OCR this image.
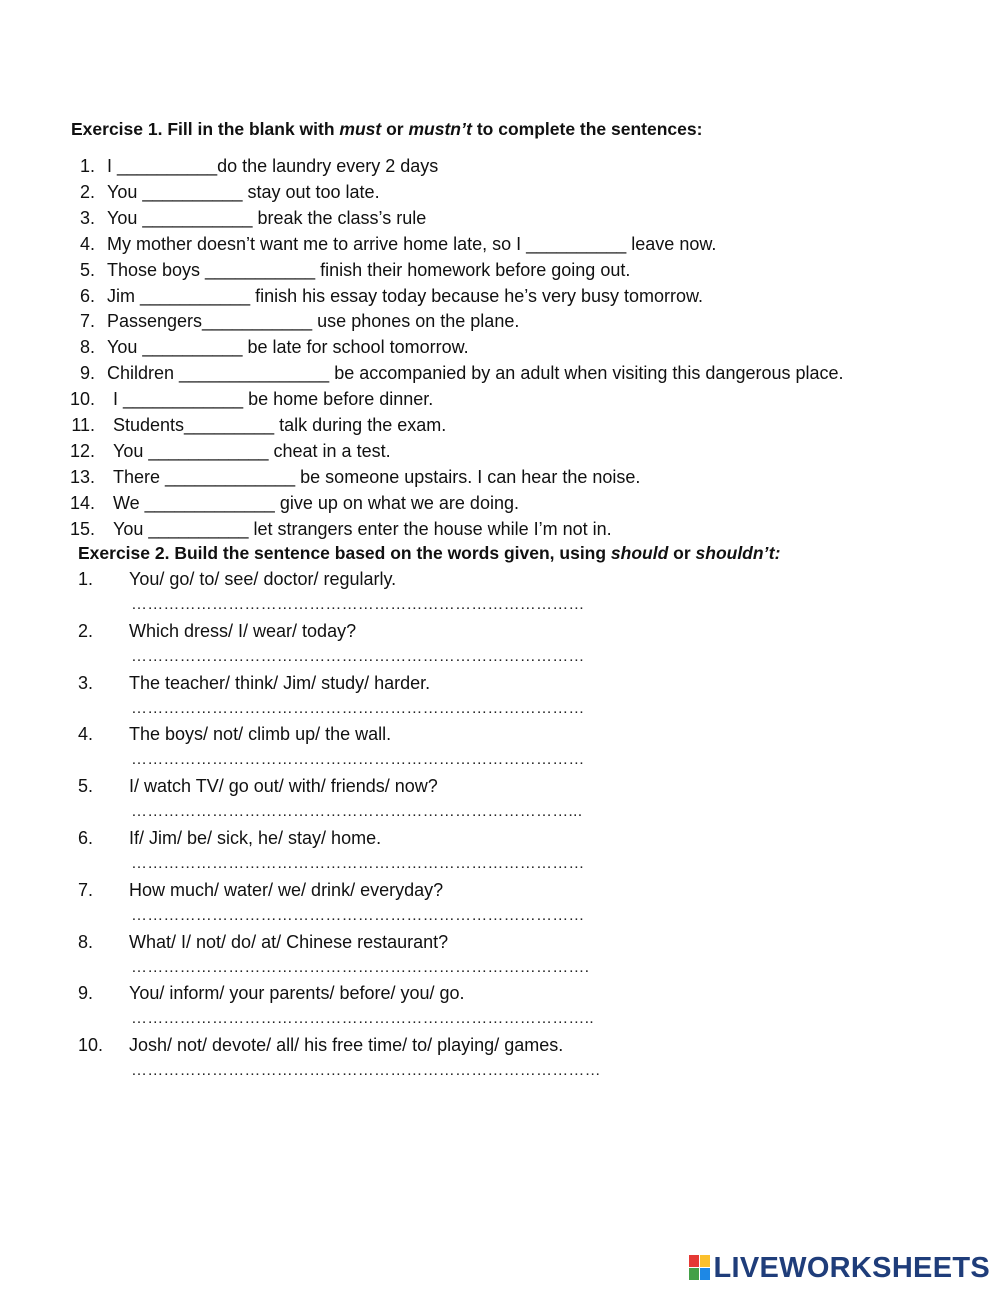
Exercise 1. Fill in the blank with must or mustn’t to complete the sentences:
1. I __________do the laundry every 2 days
2. You __________ stay out too late.
3. You ___________ break the class’s rule
4. My mother doesn’t want me to arrive home late, so I __________ leave now.
5. Those boys ___________ finish their homework before going out.
6. Jim ___________ finish his essay today because he’s very busy tomorrow.
7. Passengers___________ use phones on the plane.
8. You __________ be late for school tomorrow.
9. Children _______________ be accompanied by an adult when visiting this dangerous place.
10. I ____________ be home before dinner.
11. Students_________ talk during the exam.
12. You ____________ cheat in a test.
13. There _____________ be someone upstairs. I can hear the noise.
14. We _____________ give up on what we are doing.
15. You __________ let strangers enter the house while I’m not in.
Exercise 2. Build the sentence based on the words given, using should or shouldn’t:
1. You/ go/ to/ see/ doctor/ regularly.
…………………………………………………………………………
2. Which dress/ I/ wear/ today?
…………………………………………………………………………
3. The teacher/ think/ Jim/ study/ harder.
…………………………………………………………………………
4. The boys/ not/ climb up/ the wall.
…………………………………………………………………………
5. I/ watch TV/ go out/ with/ friends/ now?
………………………………………………………………………...
6. If/ Jim/ be/ sick, he/ stay/ home.
…………………………………………………………………………
7. How much/ water/ we/ drink/ everyday?
…………………………………………………………………………
8. What/ I/ not/ do/ at/ Chinese restaurant?
………………………………………………………………………….
9. You/ inform/ your parents/ before/ you/ go.
…………………………………………………………………………..
10. Josh/ not/ devote/ all/ his free time/ to/ playing/ games.
……………………………………………………………………………
LIVEWORKSHEETS
